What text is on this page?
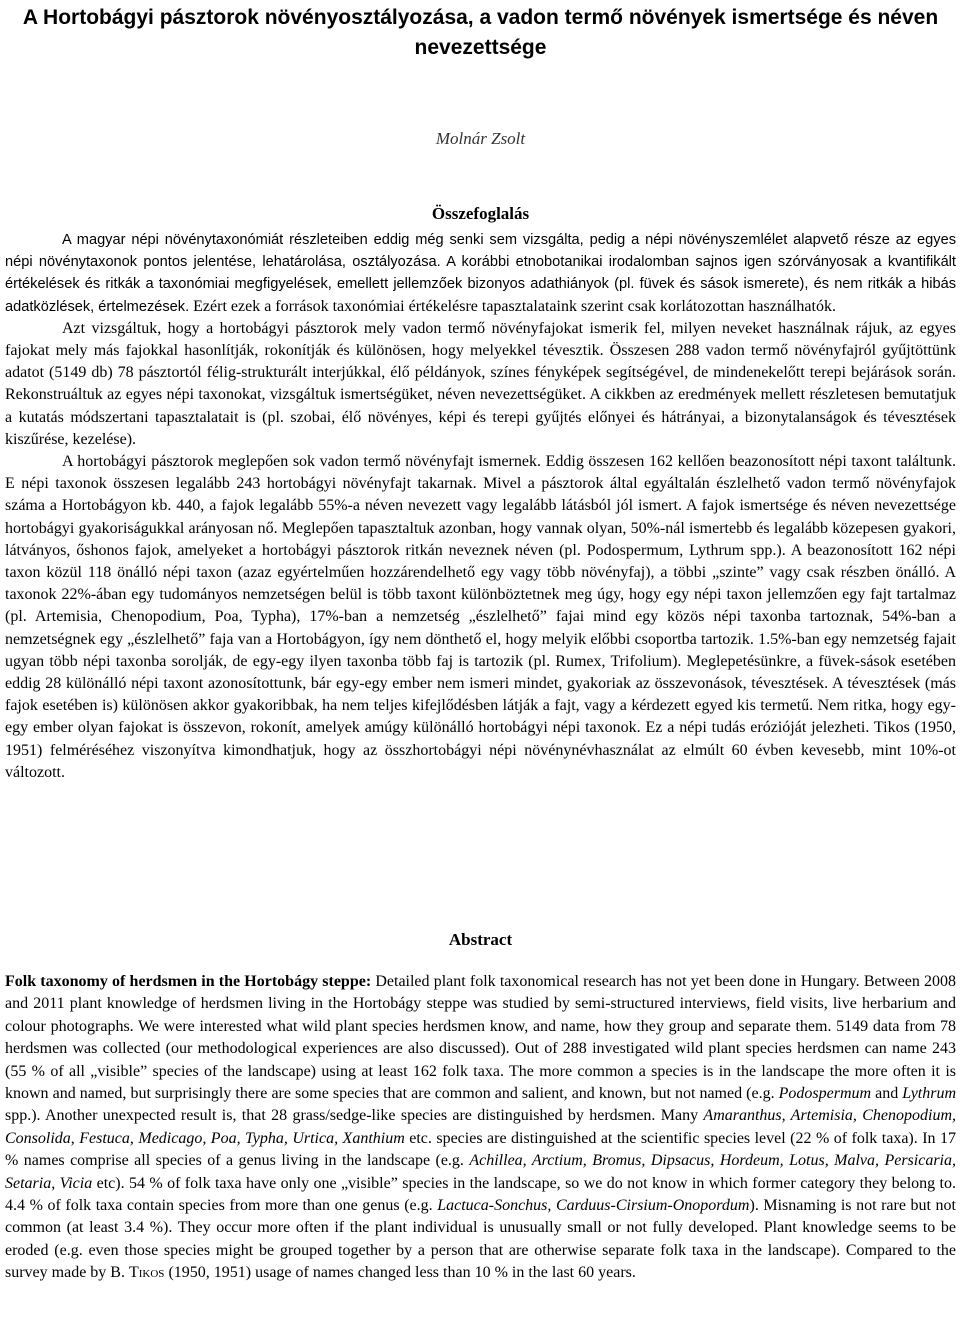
A Hortobágyi pásztorok növényosztályozása, a vadon termő növények ismertsége és néven nevezettsége

Molnár Zsolt

Összefoglalás

A magyar népi növénytaxonómiát részleteiben eddig még senki sem vizsgálta, pedig a népi növényszemlélet alapvető része az egyes népi növénytaxonok pontos jelentése, lehatárolása, osztályozása. A korábbi etnobotanikai irodalomban sajnos igen szórványosak a kvantifikált értékelések és ritkák a taxonómiai megfigyelések, emellett jellemzőek bizonyos adathiányok (pl. füvek és sások ismerete), és nem ritkák a hibás adatközlések, értelmezések. Ezért ezek a források taxonómiai értékelésre tapasztalataink szerint csak korlátozottan használhatók.

Azt vizsgáltuk, hogy a hortobágyi pásztorok mely vadon termő növényfajokat ismerik fel, milyen neveket használnak rájuk, az egyes fajokat mely más fajokkal hasonlítják, rokonítják és különösen, hogy melyekkel tévesztik. Összesen 288 vadon termő növényfajról gyűjtöttünk adatot (5149 db) 78 pásztortól félig-strukturált interjúkkal, élő példányok, színes fényképek segítségével, de mindenekelőtt terepi bejárások során. Rekonstruáltuk az egyes népi taxonokat, vizsgáltuk ismertségüket, néven nevezettségüket. A cikkben az eredmények mellett részletesen bemutatjuk a kutatás módszertani tapasztalatait is (pl. szobai, élő növényes, képi és terepi gyűjtés előnyei és hátrányai, a bizonytalanságok és tévesztések kiszűrése, kezelése).

A hortobágyi pásztorok meglepően sok vadon termő növényfajt ismernek. Eddig összesen 162 kellően beazonosított népi taxont találtunk. E népi taxonok összesen legalább 243 hortobágyi növényfajt takarnak. Mivel a pásztorok által egyáltalán észlelhető vadon termő növényfajok száma a Hortobágyon kb. 440, a fajok legalább 55%-a néven nevezett vagy legalább látásból jól ismert. A fajok ismertsége és néven nevezettsége hortobágyi gyakoriságukkal arányosan nő. Meglepően tapasztaltuk azonban, hogy vannak olyan, 50%-nál ismertebb és legalább közepesen gyakori, látványos, őshonos fajok, amelyeket a hortobágyi pásztorok ritkán neveznek néven (pl. Podospermum, Lythrum spp.). A beazonosított 162 népi taxon közül 118 önálló népi taxon (azaz egyértelműen hozzárendelhető egy vagy több növényfaj), a többi „szinte” vagy csak részben önálló. A taxonok 22%-ában egy tudományos nemzetségen belül is több taxont különböztetnek meg úgy, hogy egy népi taxon jellemzően egy fajt tartalmaz (pl. Artemisia, Chenopodium, Poa, Typha), 17%-ban a nemzetség „észlelhető” fajai mind egy közös népi taxonba tartoznak, 54%-ban a nemzetségnek egy „észlelhető” faja van a Hortobágyon, így nem dönthető el, hogy melyik előbbi csoportba tartozik. 1.5%-ban egy nemzetség fajait ugyan több népi taxonba sorolják, de egy-egy ilyen taxonba több faj is tartozik (pl. Rumex, Trifolium). Meglepetésünkre, a füvek-sások esetében eddig 28 különálló népi taxont azonosítottunk, bár egy-egy ember nem ismeri mindet, gyakoriak az összevonások, tévesztések. A tévesztések (más fajok esetében is) különösen akkor gyakoribbak, ha nem teljes kifejlődésben látják a fajt, vagy a kérdezett egyed kis termetű. Nem ritka, hogy egy-egy ember olyan fajokat is összevon, rokonít, amelyek amúgy különálló hortobágyi népi taxonok. Ez a népi tudás erózióját jelezheti. Tikos (1950, 1951) felméréséhez viszonyítva kimondhatjuk, hogy az összhortobágyi népi növénynévhasználat az elmúlt 60 évben kevesebb, mint 10%-ot változott.

Abstract

Folk taxonomy of herdsmen in the Hortobágy steppe: Detailed plant folk taxonomical research has not yet been done in Hungary. Between 2008 and 2011 plant knowledge of herdsmen living in the Hortobágy steppe was studied by semi-structured interviews, field visits, live herbarium and colour photographs. We were interested what wild plant species herdsmen know, and name, how they group and separate them. 5149 data from 78 herdsmen was collected (our methodological experiences are also discussed). Out of 288 investigated wild plant species herdsmen can name 243 (55 % of all „visible” species of the landscape) using at least 162 folk taxa. The more common a species is in the landscape the more often it is known and named, but surprisingly there are some species that are common and salient, and known, but not named (e.g. Podospermum and Lythrum spp.). Another unexpected result is, that 28 grass/sedge-like species are distinguished by herdsmen. Many Amaranthus, Artemisia, Chenopodium, Consolida, Festuca, Medicago, Poa, Typha, Urtica, Xanthium etc. species are distinguished at the scientific species level (22 % of folk taxa). In 17 % names comprise all species of a genus living in the landscape (e.g. Achillea, Arctium, Bromus, Dipsacus, Hordeum, Lotus, Malva, Persicaria, Setaria, Vicia etc). 54 % of folk taxa have only one „visible” species in the landscape, so we do not know in which former category they belong to. 4.4 % of folk taxa contain species from more than one genus (e.g. Lactuca-Sonchus, Carduus-Cirsium-Onopordum). Misnaming is not rare but not common (at least 3.4 %). They occur more often if the plant individual is unusually small or not fully developed. Plant knowledge seems to be eroded (e.g. even those species might be grouped together by a person that are otherwise separate folk taxa in the landscape). Compared to the survey made by B. Tikos (1950, 1951) usage of names changed less than 10 % in the last 60 years.
